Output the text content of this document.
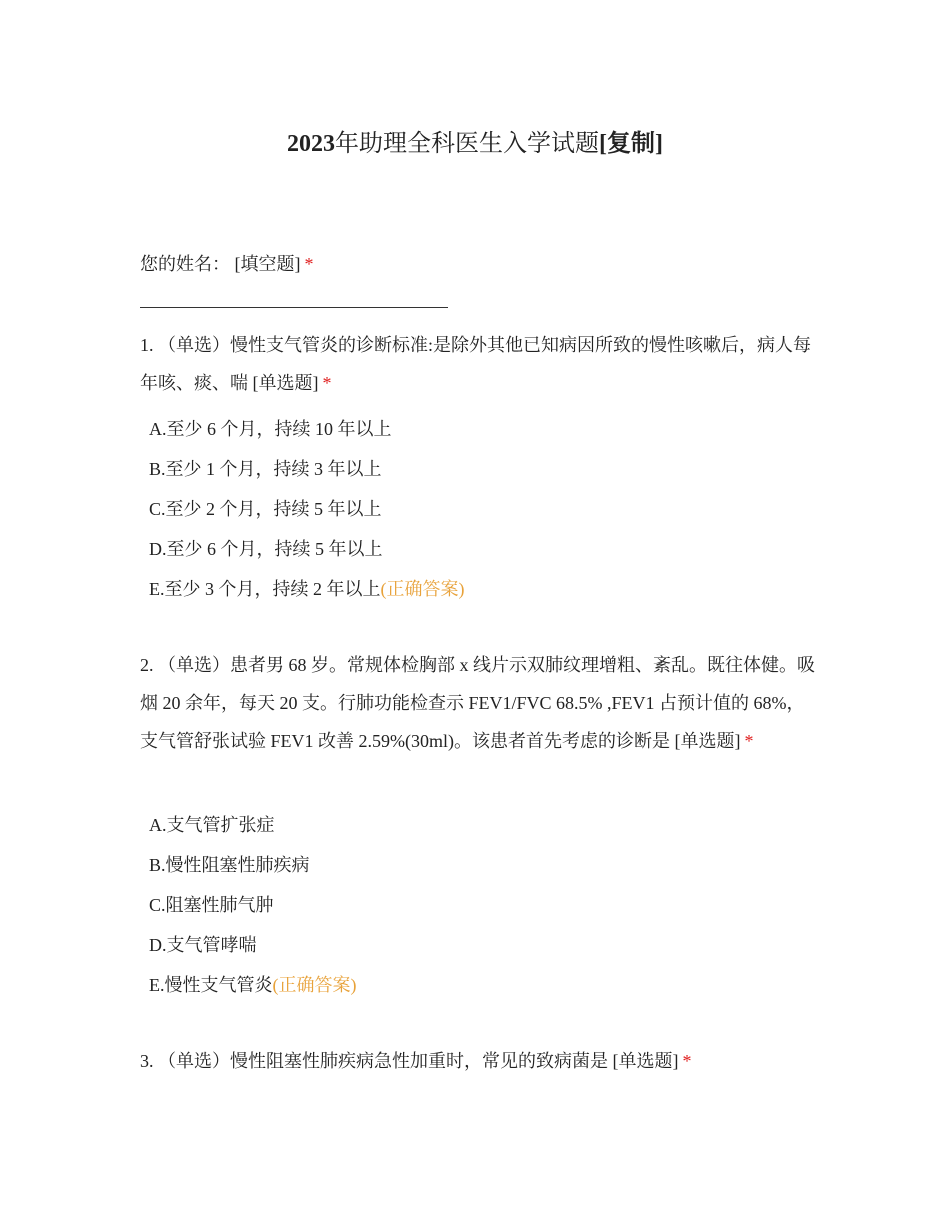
2023年助理全科医生入学试题[复制]
您的姓名： [填空题] *
1. （单选）慢性支气管炎的诊断标准:是除外其他已知病因所致的慢性咳嗽后，病人每年咳、痰、喘 [单选题] *
A.至少 6 个月，持续 10 年以上
B.至少 1 个月，持续 3 年以上
C.至少 2 个月，持续 5 年以上
D.至少 6 个月，持续 5 年以上
E.至少 3 个月，持续 2 年以上(正确答案)
2. （单选）患者男 68 岁。常规体检胸部 x 线片示双肺纹理增粗、紊乱。既往体健。吸烟 20 余年，每天 20 支。行肺功能检查示 FEV1/FVC 68.5% ,FEV1 占预计值的 68%，支气管舒张试验 FEV1 改善 2.59%(30ml)。该患者首先考虑的诊断是 [单选题] *
A.支气管扩张症
B.慢性阻塞性肺疾病
C.阻塞性肺气肿
D.支气管哮喘
E.慢性支气管炎(正确答案)
3. （单选）慢性阻塞性肺疾病急性加重时，常见的致病菌是 [单选题] *
